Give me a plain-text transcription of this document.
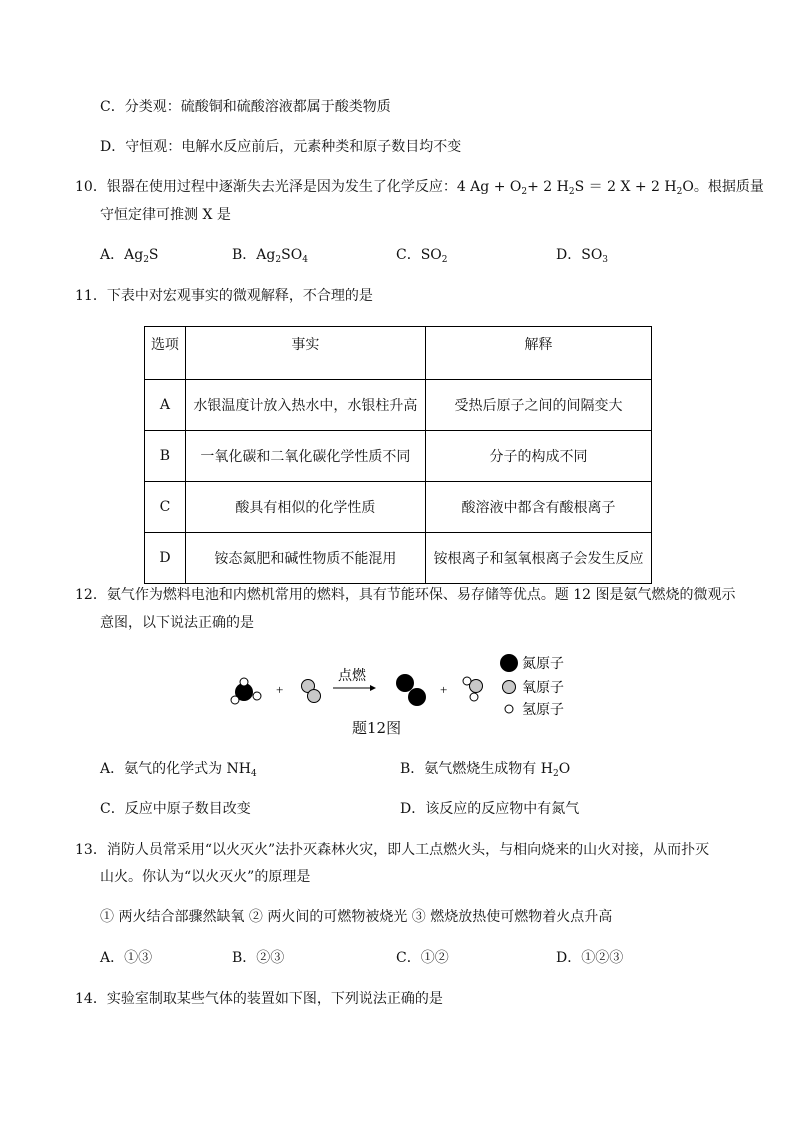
C．分类观：硫酸铜和硫酸溶液都属于酸类物质
D．守恒观：电解水反应前后，元素种类和原子数目均不变
10．银器在使用过程中逐渐失去光泽是因为发生了化学反应：4 $Ag + O_2+ 2$ $H_2S = 2$ X + 2 $H_2O$。根据质量
守恒定律可推测 X 是
A．$Ag_2S$	B．$Ag_2SO_4$	C．$SO_2$	D．$SO_3$
11．下表中对宏观事实的微观解释，不合理的是
选项	事实	解释
A	水银温度计放入热水中，水银柱升高	受热后原子之间的间隔变大
B	一氧化碳和二氧化碳化学性质不同	分子的构成不同
C	酸具有相似的化学性质	酸溶液中都含有酸根离子
D	铵态氮肥和碱性物质不能混用	铵根离子和氢氧根离子会发生反应
12．氨气作为燃料电池和内燃机常用的燃料，具有节能环保、易存储等优点。题 12 图是氨气燃烧的微观示
意图，以下说法正确的是
+
点燃
+
氮原子
氧原子
氢原子
题12图
A．氨气的化学式为 $NH_4$	B．氨气燃烧生成物有 $H_2O$
C．反应中原子数目改变	D．该反应的反应物中有氮气
13．消防人员常采用“以火灭火”法扑灭森林火灾，即人工点燃火头，与相向烧来的山火对接，从而扑灭
山火。你认为“以火灭火”的原理是
① 两火结合部骤然缺氧 ② 两火间的可燃物被烧光 ③ 燃烧放热使可燃物着火点升高
A．①③	B．②③	C．①②	D．①②③
14．实验室制取某些气体的装置如下图，下列说法正确的是
